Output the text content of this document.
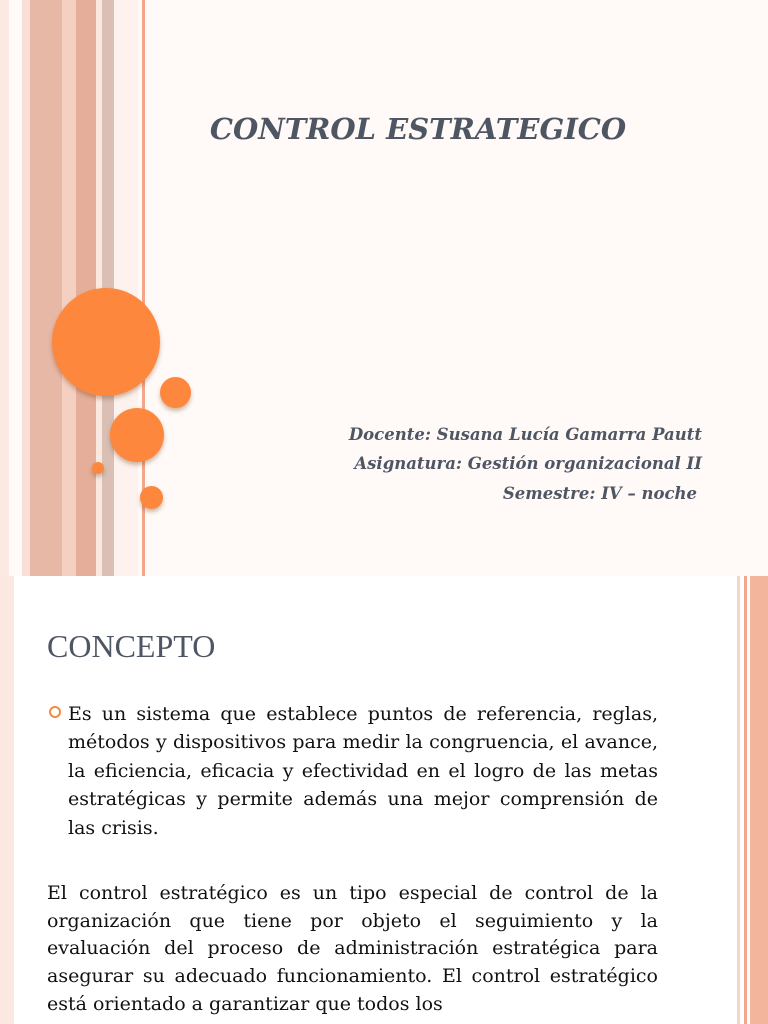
CONTROL ESTRATEGICO
Docente: Susana Lucía Gamarra Pautt
Asignatura: Gestión organizacional II
Semestre: IV – noche
CONCEPTO
Es un sistema que establece puntos de referencia, reglas, métodos y dispositivos para medir la congruencia, el avance, la eficiencia, eficacia y efectividad en el logro de las metas estratégicas y permite además una mejor comprensión de las crisis.
El control estratégico es un tipo especial de control de la organización que tiene por objeto el seguimiento y la evaluación del proceso de administración estratégica para asegurar su adecuado funcionamiento. El control estratégico está orientado a garantizar que todos los
